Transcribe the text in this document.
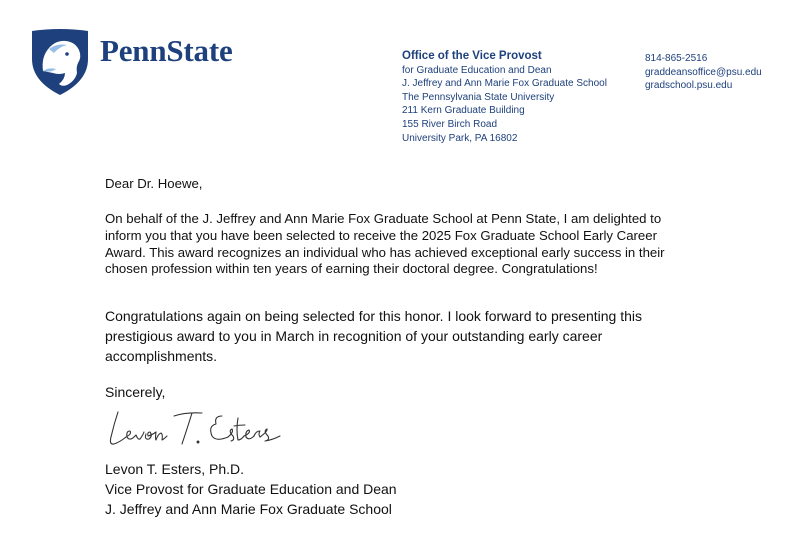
PennState	Office of the Vice Provost
for Graduate Education and Dean
J. Jeffrey and Ann Marie Fox Graduate School
The Pennsylvania State University
211 Kern Graduate Building
155 River Birch Road
University Park, PA 16802
814-865-2516
graddeansoffice@psu.edu
gradschool.psu.edu
Dear Dr. Hoewe,

On behalf of the J. Jeffrey and Ann Marie Fox Graduate School at Penn State, I am delighted to
inform you that you have been selected to receive the 2025 Fox Graduate School Early Career
Award. This award recognizes an individual who has achieved exceptional early success in their
chosen profession within ten years of earning their doctoral degree. Congratulations!

Congratulations again on being selected for this honor. I look forward to presenting this
prestigious award to you in March in recognition of your outstanding early career
accomplishments.

Sincerely,
Levon T. Esters, Ph.D.
Vice Provost for Graduate Education and Dean
J. Jeffrey and Ann Marie Fox Graduate School
